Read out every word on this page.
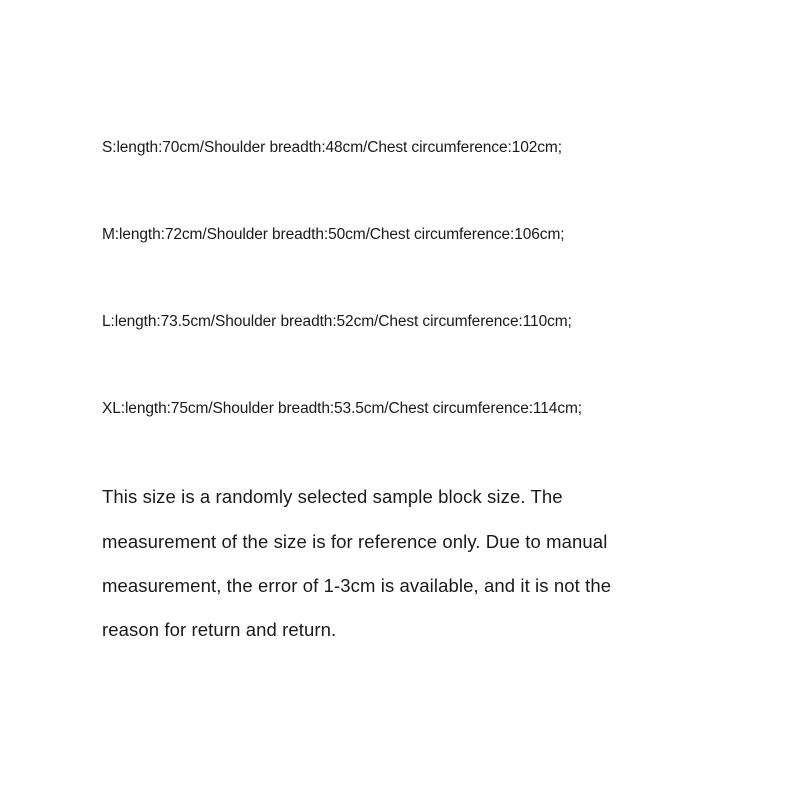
S:length:70cm/Shoulder breadth:48cm/Chest circumference:102cm;
M:length:72cm/Shoulder breadth:50cm/Chest circumference:106cm;
L:length:73.5cm/Shoulder breadth:52cm/Chest circumference:110cm;
XL:length:75cm/Shoulder breadth:53.5cm/Chest circumference:114cm;
This size is a randomly selected sample block size. The
measurement of the size is for reference only. Due to manual
measurement, the error of 1-3cm is available, and it is not the
reason for return and return.
